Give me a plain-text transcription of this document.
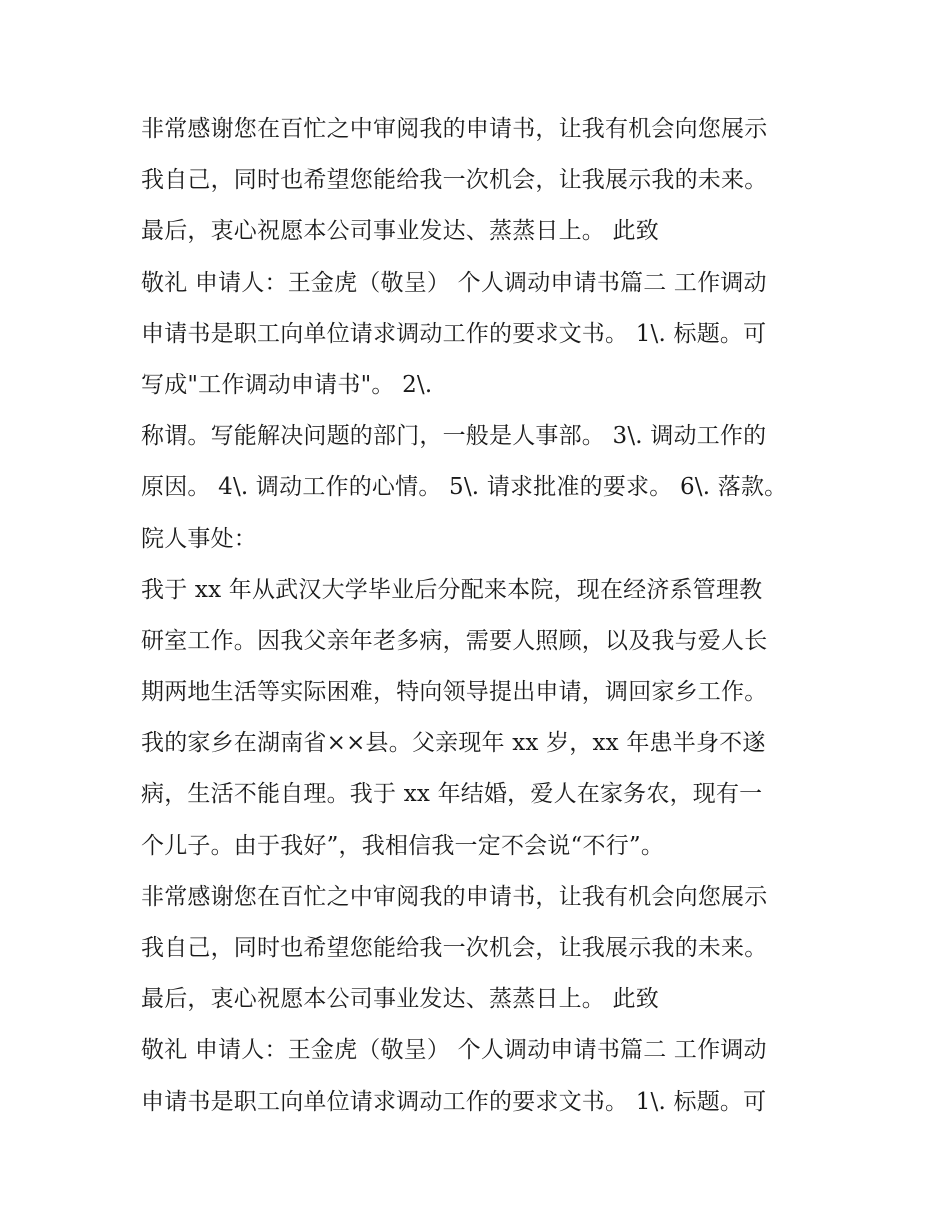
非常感谢您在百忙之中审阅我的申请书，让我有机会向您展示
我自己，同时也希望您能给我一次机会，让我展示我的未来。
最后，衷心祝愿本公司事业发达、蒸蒸日上。 此致
敬礼 申请人：王金虎（敬呈） 个人调动申请书篇二 工作调动
申请书是职工向单位请求调动工作的要求文书。 1\. 标题。可
写成"工作调动申请书"。 2\.
称谓。写能解决问题的部门，一般是人事部。 3\. 调动工作的
原因。 4\. 调动工作的心情。 5\. 请求批准的要求。 6\. 落款。
院人事处：
我于 xx 年从武汉大学毕业后分配来本院，现在经济系管理教
研室工作。因我父亲年老多病，需要人照顾，以及我与爱人长
期两地生活等实际困难，特向领导提出申请，调回家乡工作。
我的家乡在湖南省××县。父亲现年 xx 岁，xx 年患半身不遂
病，生活不能自理。我于 xx 年结婚，爱人在家务农，现有一
个儿子。由于我好”，我相信我一定不会说“不行”。
非常感谢您在百忙之中审阅我的申请书，让我有机会向您展示
我自己，同时也希望您能给我一次机会，让我展示我的未来。
最后，衷心祝愿本公司事业发达、蒸蒸日上。 此致
敬礼 申请人：王金虎（敬呈） 个人调动申请书篇二 工作调动
申请书是职工向单位请求调动工作的要求文书。 1\. 标题。可
